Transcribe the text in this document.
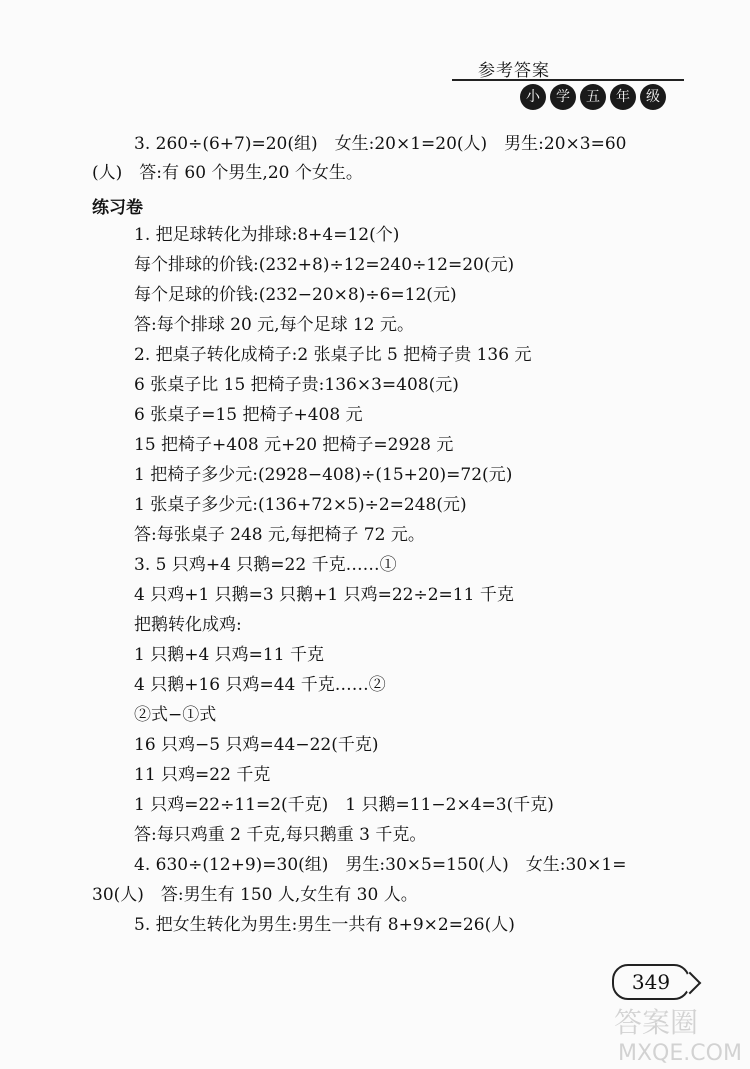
参考答案
小	学	五	年	级
3. 260÷(6+7)=20(组)　女生:20×1=20(人)　男生:20×3=60
(人)　答:有 60 个男生,20 个女生。
练习卷
1. 把足球转化为排球:8+4=12(个)
每个排球的价钱:(232+8)÷12=240÷12=20(元)
每个足球的价钱:(232−20×8)÷6=12(元)
答:每个排球 20 元,每个足球 12 元。
2. 把桌子转化成椅子:2 张桌子比 5 把椅子贵 136 元
6 张桌子比 15 把椅子贵:136×3=408(元)
6 张桌子=15 把椅子+408 元
15 把椅子+408 元+20 把椅子=2928 元
1 把椅子多少元:(2928−408)÷(15+20)=72(元)
1 张桌子多少元:(136+72×5)÷2=248(元)
答:每张桌子 248 元,每把椅子 72 元。
3. 5 只鸡+4 只鹅=22 千克……①
4 只鸡+1 只鹅=3 只鹅+1 只鸡=22÷2=11 千克
把鹅转化成鸡:
1 只鹅+4 只鸡=11 千克
4 只鹅+16 只鸡=44 千克……②
②式−①式
16 只鸡−5 只鸡=44−22(千克)
11 只鸡=22 千克
1 只鸡=22÷11=2(千克)　1 只鹅=11−2×4=3(千克)
答:每只鸡重 2 千克,每只鹅重 3 千克。
4. 630÷(12+9)=30(组)　男生:30×5=150(人)　女生:30×1=
30(人)　答:男生有 150 人,女生有 30 人。
5. 把女生转化为男生:男生一共有 8+9×2=26(人)
349
答案圈
MXQE.COM
